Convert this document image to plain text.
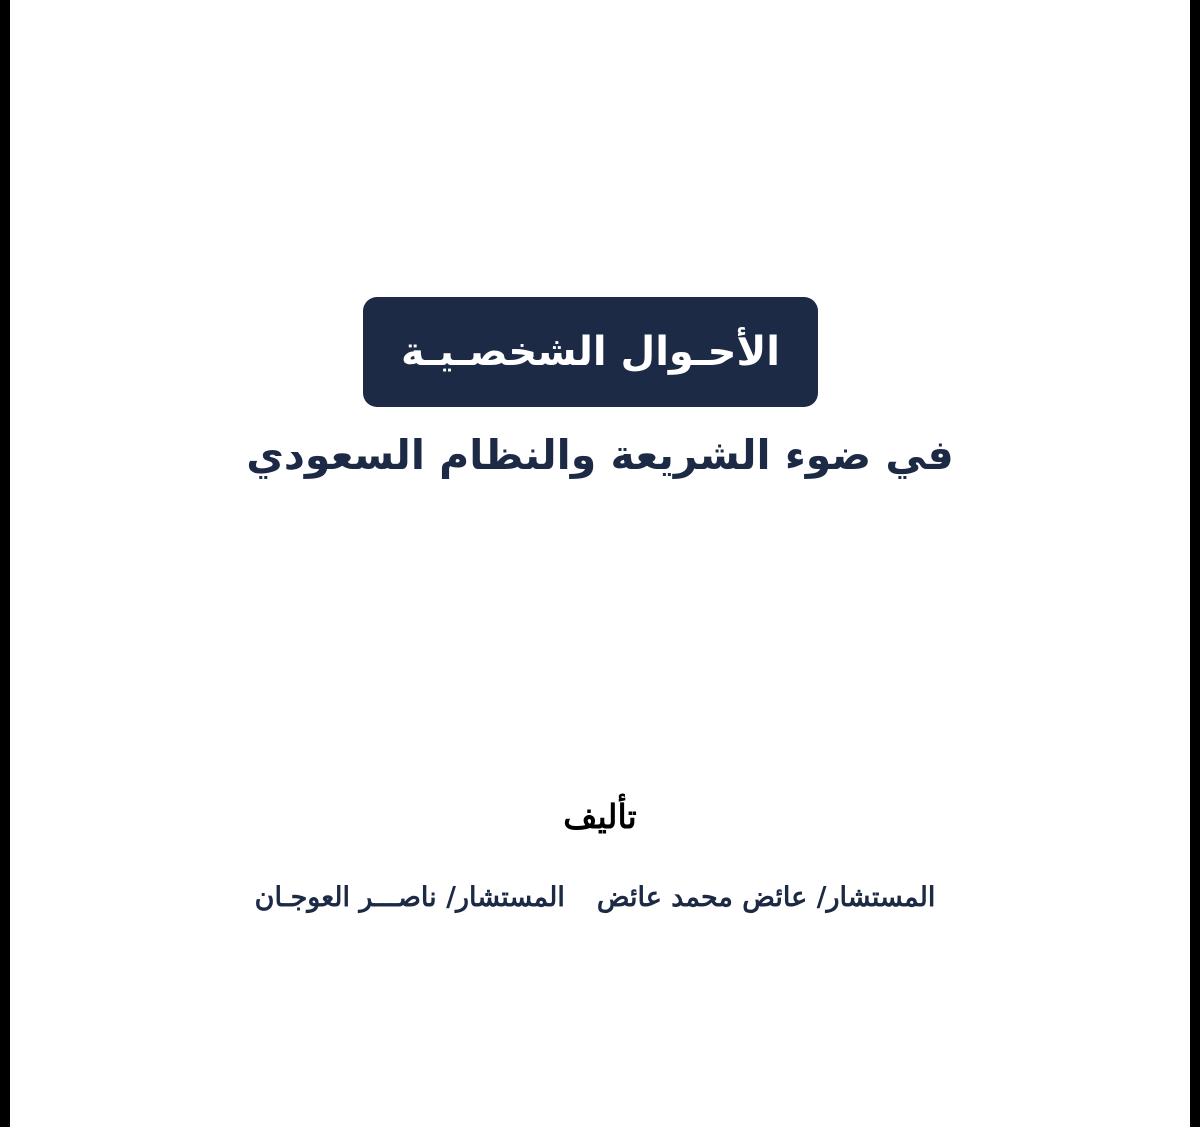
الأحـوال الشخصـيـة
في ضوء الشريعة والنظام السعودي
تأليف
المستشار/ عائض محمد عائض
المستشار/ ناصـــر العوجـان
